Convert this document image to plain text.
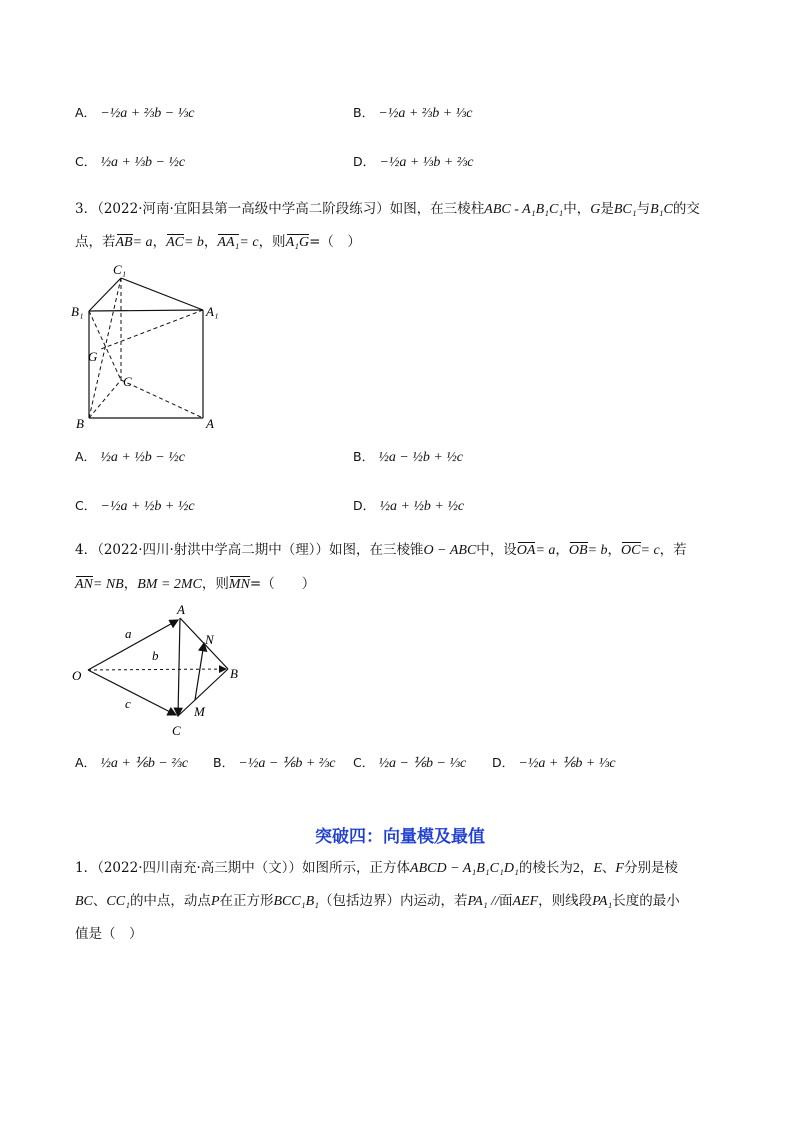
A． −½a + ⅔b − ⅓c	B． −½a + ⅔b + ⅓c
C． ½a + ⅓b − ½c	D． −½a + ⅓b + ⅔c
3．（2022·河南·宜阳县第一高级中学高二阶段练习）如图，在三棱柱ABC - A₁B₁C₁中，G是BC₁与B₁C的交
点，若AB= a，AC= b，AA₁= c，则A₁G=（　）
C₁
B₁	A₁
G
C
B	A
A． ½a + ½b − ½c	B． ½a − ½b + ½c
C． −½a + ½b + ½c	D． ½a + ½b + ½c
4．（2022·四川·射洪中学高二期中（理））如图，在三棱锥O − ABC中，设OA= a，OB= b，OC= c，若
AN= NB，BM = 2MC，则MN=（　　）
A
N
O	B
M
C
a
b
c
A． ½a + ⅙b − ⅔c B． −½a − ⅙b + ⅔c C． ½a − ⅙b − ⅓c D． −½a + ⅙b + ⅓c
突破四：向量模及最值
1．（2022·四川南充·高三期中（文））如图所示，正方体ABCD − A₁B₁C₁D₁的棱长为2，E、F分别是棱
BC、CC₁的中点，动点P在正方形BCC₁B₁（包括边界）内运动，若PA₁ //面AEF，则线段PA₁长度的最小
值是（　）
